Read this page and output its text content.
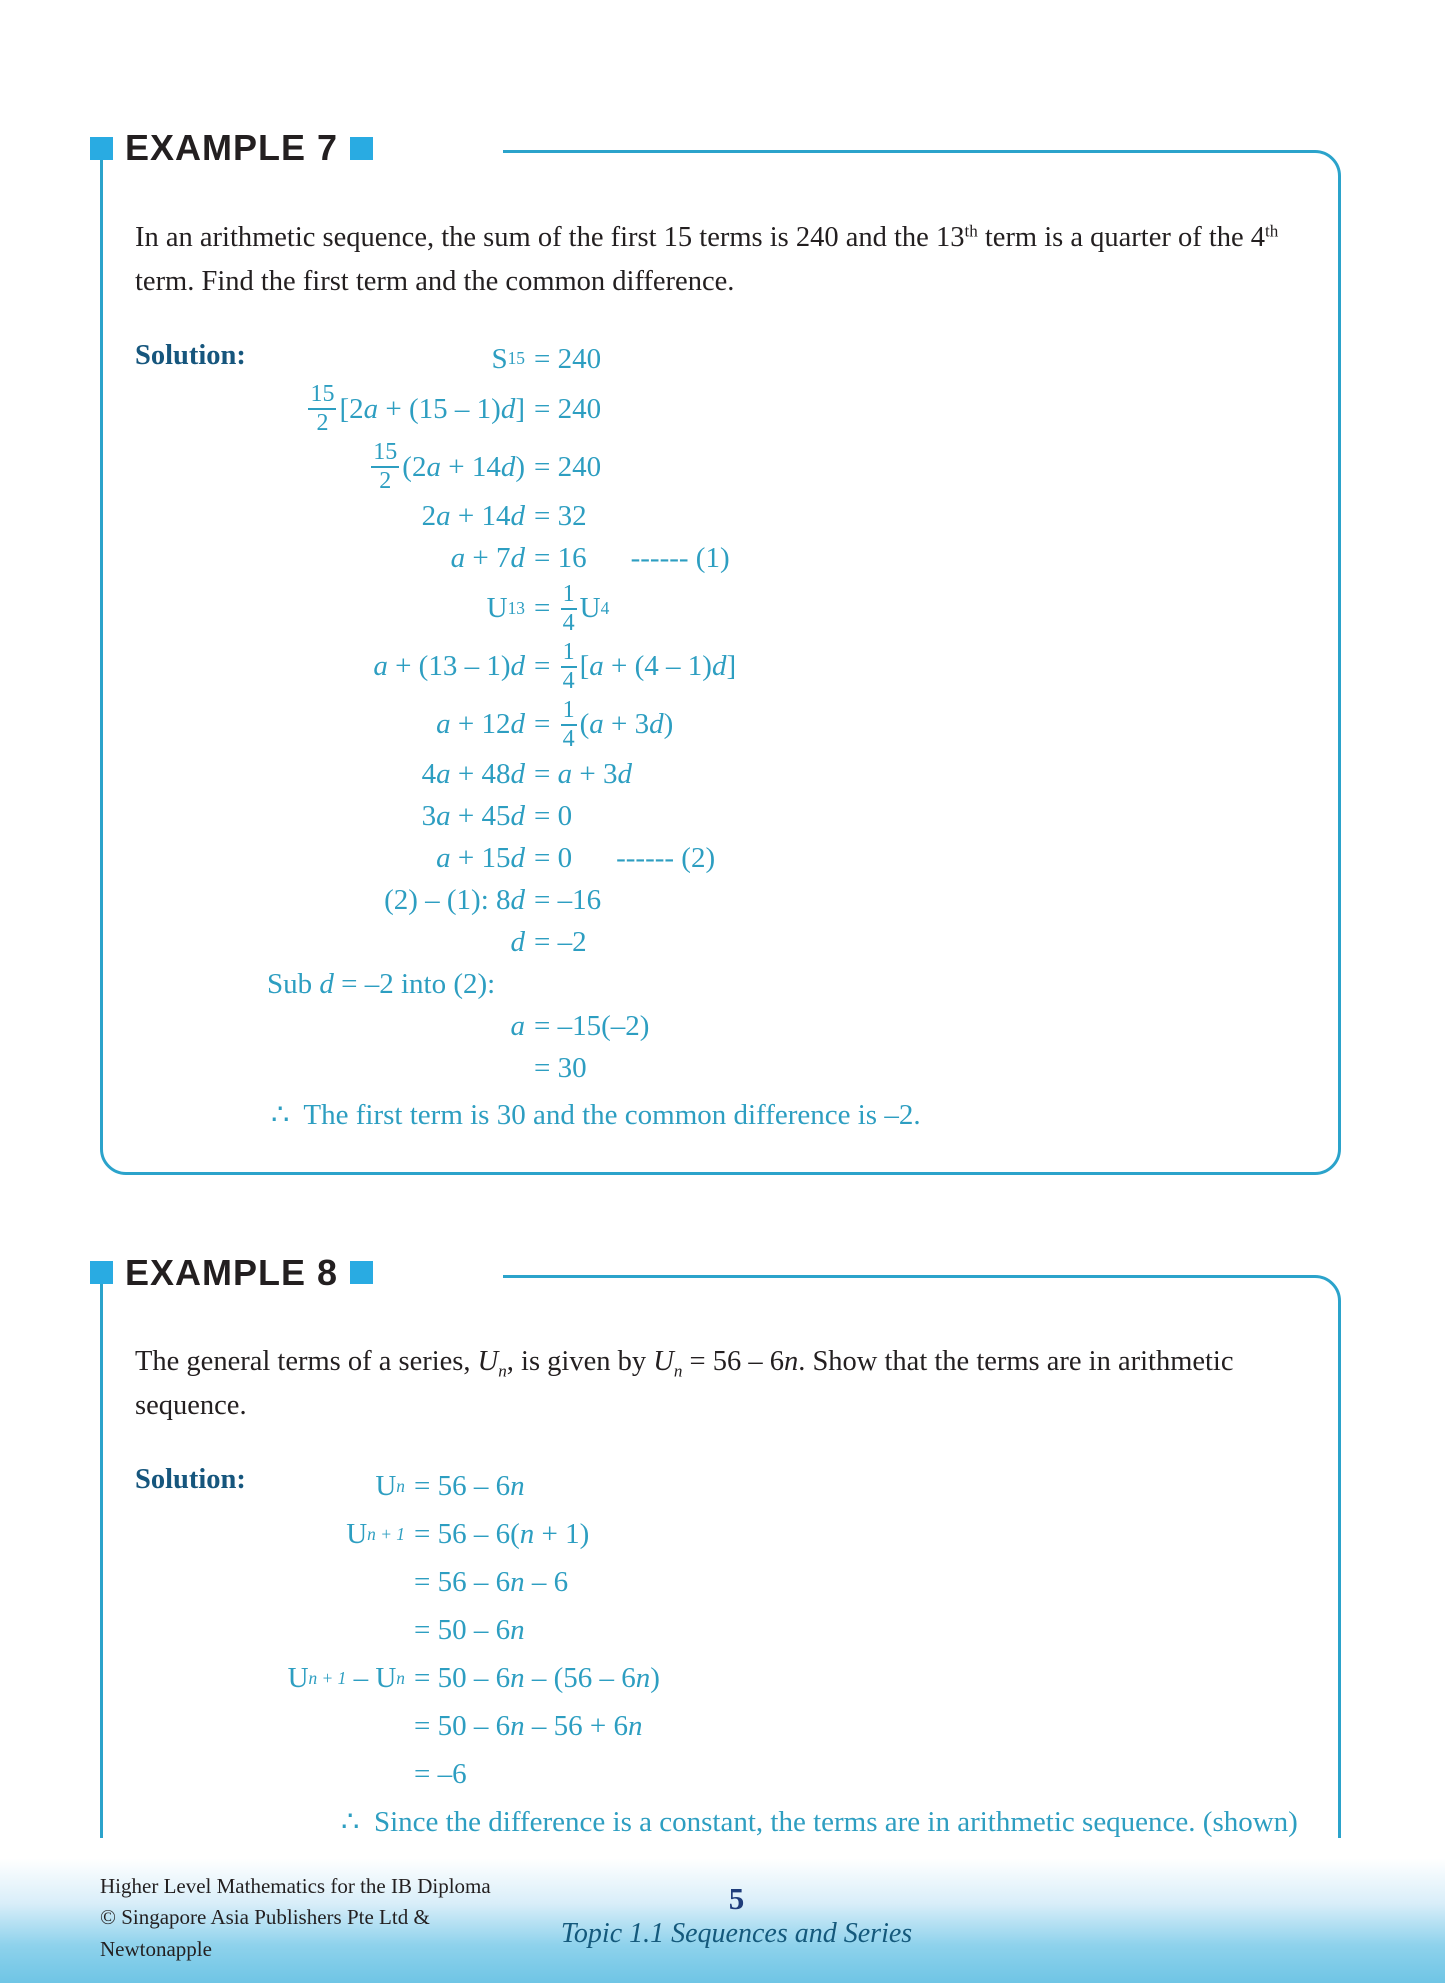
EXAMPLE 7

In an arithmetic sequence, the sum of the first 15 terms is 240 and the 13th term is a quarter of the 4th term. Find the first term and the common difference.

Solution:	S 15 = 240
$\frac{15}{2} [2$ a + (15 – 1) d ] = 240
$\frac{15}{2} (2$ a + 14 d ) = 240
2 a + 14 d = 32
a + 7 d = 16 ------ (1)
U $13 = \frac{1}{4}$ U 4
a + (13 – 1) $d = \frac{1}{4}$ [ a + (4 – 1) d ]
a + 12 $d = \frac{1}{4}$ ( a + 3 d )
4 a + 48 d = a + 3 d
3 a + 45 d = 0
a + 15 d = 0 ------ (2)
(2) – (1): 8 d = –16
d = –2
Sub d = –2 into (2):
a = –15(–2)
= 30
∴  The first term is 30 and the common difference is –2.
EXAMPLE 8

The general terms of a series, $U_n$, is given by $U_n = 56 - 6n$. Show that the terms are in arithmetic sequence.

Solution:	U n = 56 – 6 n
U n + 1 = 56 – 6( n + 1)
= 56 – 6 n – 6
= 50 – 6 n
U n + 1 – U n = 50 – 6 n – (56 – 6 n )
= 50 – 6 n – 56 + 6 n
= –6
∴  Since the difference is a constant, the terms are in arithmetic sequence. (shown)
Higher Level Mathematics for the IB Diploma
© Singapore Asia Publishers Pte Ltd &
Newtonapple
5
Topic 1.1 Sequences and Series
